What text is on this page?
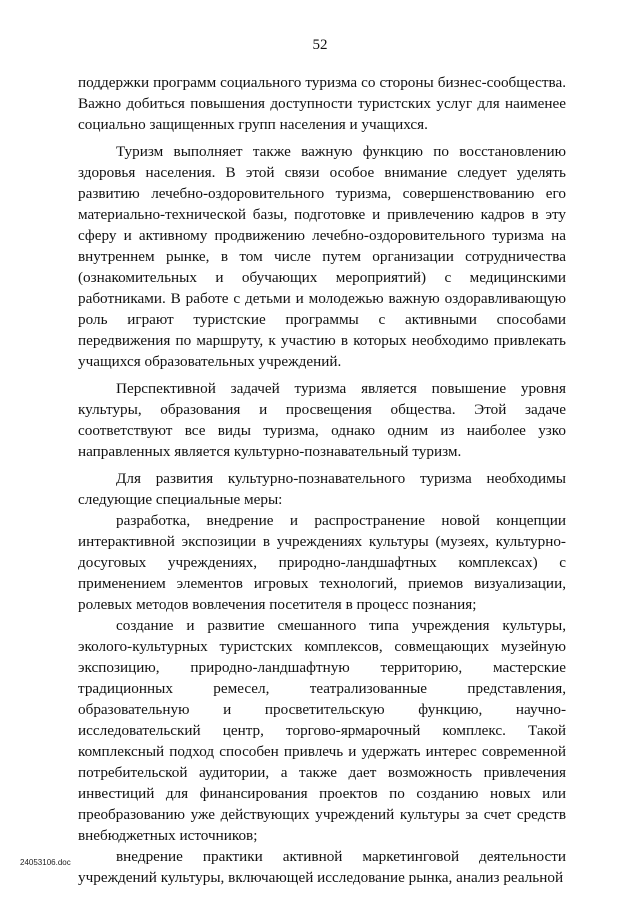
52

поддержки программ социального туризма со стороны бизнес-сообщества. Важно добиться повышения доступности туристских услуг для наименее социально защищенных групп населения и учащихся.

Туризм выполняет также важную функцию по восстановлению здоровья населения. В этой связи особое внимание следует уделять развитию лечебно-оздоровительного туризма, совершенствованию его материально-технической базы, подготовке и привлечению кадров в эту сферу и активному продвижению лечебно-оздоровительного туризма на внутреннем рынке, в том числе путем организации сотрудничества (ознакомительных и обучающих мероприятий) с медицинскими работниками. В работе с детьми и молодежью важную оздоравливающую роль играют туристские программы с активными способами передвижения по маршруту, к участию в которых необходимо привлекать учащихся образовательных учреждений.

Перспективной задачей туризма является повышение уровня культуры, образования и просвещения общества. Этой задаче соответствуют все виды туризма, однако одним из наиболее узко направленных является культурно-познавательный туризм.

Для развития культурно-познавательного туризма необходимы следующие специальные меры:

разработка, внедрение и распространение новой концепции интерактивной экспозиции в учреждениях культуры (музеях, культурно-досуговых учреждениях, природно-ландшафтных комплексах) с применением элементов игровых технологий, приемов визуализации, ролевых методов вовлечения посетителя в процесс познания;

создание и развитие смешанного типа учреждения культуры, эколого-культурных туристских комплексов, совмещающих музейную экспозицию, природно-ландшафтную территорию, мастерские традиционных ремесел, театрализованные представления, образовательную и просветительскую функцию, научно-исследовательский центр, торгово-ярмарочный комплекс. Такой комплексный подход способен привлечь и удержать интерес современной потребительской аудитории, а также дает возможность привлечения инвестиций для финансирования проектов по созданию новых или преобразованию уже действующих учреждений культуры за счет средств внебюджетных источников;

внедрение практики активной маркетинговой деятельности учреждений культуры, включающей исследование рынка, анализ реальной

24053106.doc
